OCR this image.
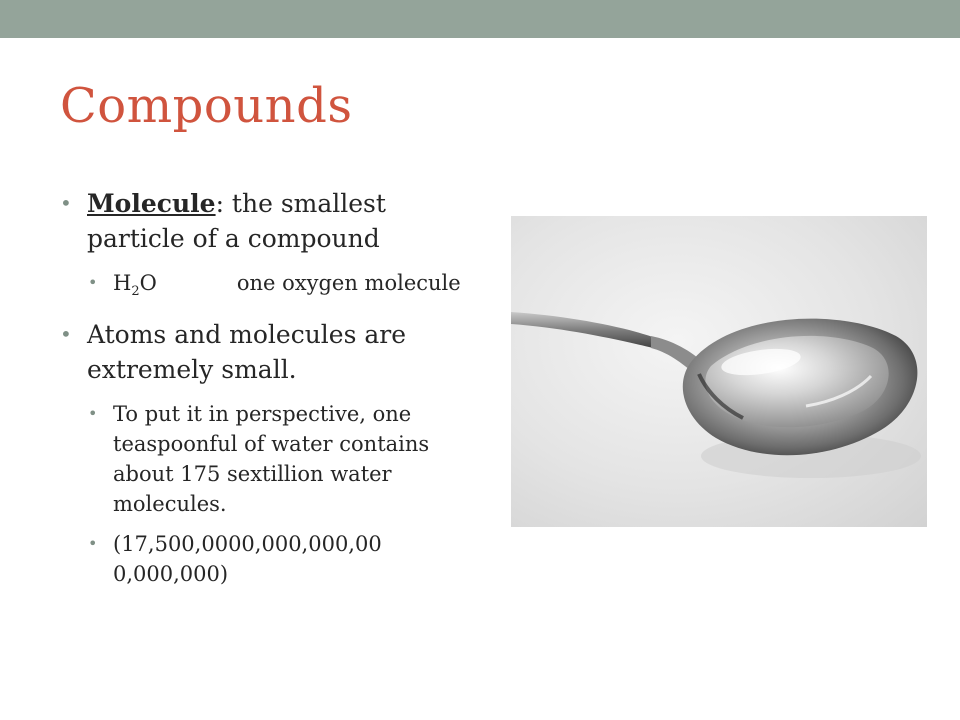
Compounds
• Molecule: the smallest particle of a compound
• $H_2O$	one oxygen molecule
• Atoms and molecules are extremely small.
• To put it in perspective, one teaspoonful of water contains about 175 sextillion water molecules.
• (17,500,0000,000,000,00 0,000,000)
